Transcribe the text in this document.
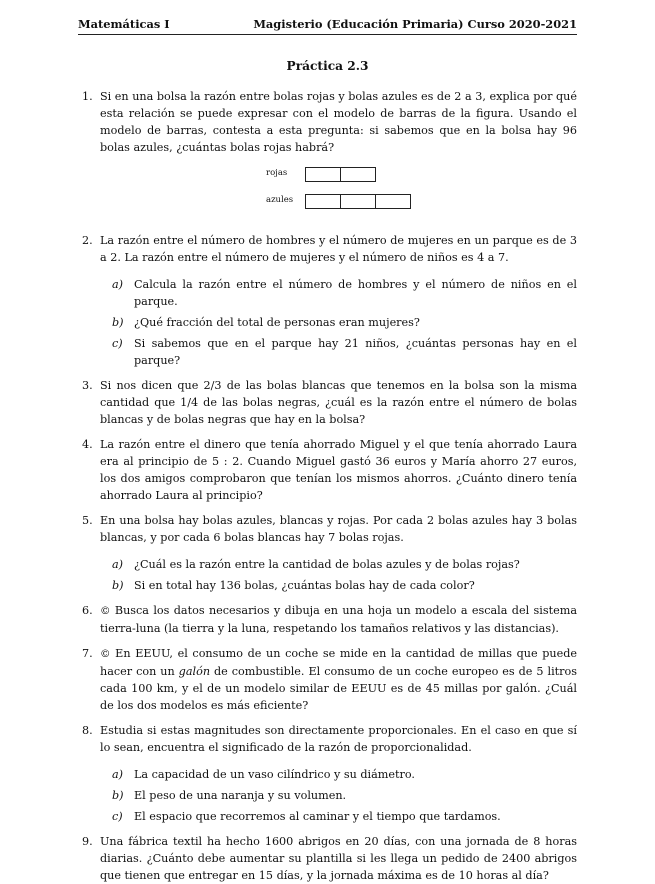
Matemáticas I	Magisterio (Educación Primaria) Curso 2020-2021
Práctica 2.3
1. Si en una bolsa la razón entre bolas rojas y bolas azules es de 2 a 3, explica por qué esta relación se puede expresar con el modelo de barras de la figura. Usando el modelo de barras, contesta a esta pregunta: si sabemos que en la bolsa hay 96 bolas azules, ¿cuántas bolas rojas habrá?
rojas
azules
2. La razón entre el número de hombres y el número de mujeres en un parque es de 3 a 2. La razón entre el número de mujeres y el número de niños es 4 a 7.
a) Calcula la razón entre el número de hombres y el número de niños en el parque.
b) ¿Qué fracción del total de personas eran mujeres?
c) Si sabemos que en el parque hay 21 niños, ¿cuántas personas hay en el parque?
3. Si nos dicen que 2/3 de las bolas blancas que tenemos en la bolsa son la misma cantidad que 1/4 de las bolas negras, ¿cuál es la razón entre el número de bolas blancas y de bolas negras que hay en la bolsa?
4. La razón entre el dinero que tenía ahorrado Miguel y el que tenía ahorrado Laura era al principio de 5 : 2. Cuando Miguel gastó 36 euros y María ahorro 27 euros, los dos amigos comprobaron que tenían los mismos ahorros. ¿Cuánto dinero tenía ahorrado Laura al principio?
5. En una bolsa hay bolas azules, blancas y rojas. Por cada 2 bolas azules hay 3 bolas blancas, y por cada 6 bolas blancas hay 7 bolas rojas.
a) ¿Cuál es la razón entre la cantidad de bolas azules y de bolas rojas?
b) Si en total hay 136 bolas, ¿cuántas bolas hay de cada color?
6. © Busca los datos necesarios y dibuja en una hoja un modelo a escala del sistema tierra-luna (la tierra y la luna, respetando los tamaños relativos y las distancias).
7. © En EEUU, el consumo de un coche se mide en la cantidad de millas que puede hacer con un galón de combustible. El consumo de un coche europeo es de 5 litros cada 100 km, y el de un modelo similar de EEUU es de 45 millas por galón. ¿Cuál de los dos modelos es más eficiente?
8. Estudia si estas magnitudes son directamente proporcionales. En el caso en que sí lo sean, encuentra el significado de la razón de proporcionalidad.
a) La capacidad de un vaso cilíndrico y su diámetro.
b) El peso de una naranja y su volumen.
c) El espacio que recorremos al caminar y el tiempo que tardamos.
9. Una fábrica textil ha hecho 1600 abrigos en 20 días, con una jornada de 8 horas diarias. ¿Cuánto debe aumentar su plantilla si les llega un pedido de 2400 abrigos que tienen que entregar en 15 días, y la jornada máxima es de 10 horas al día?
